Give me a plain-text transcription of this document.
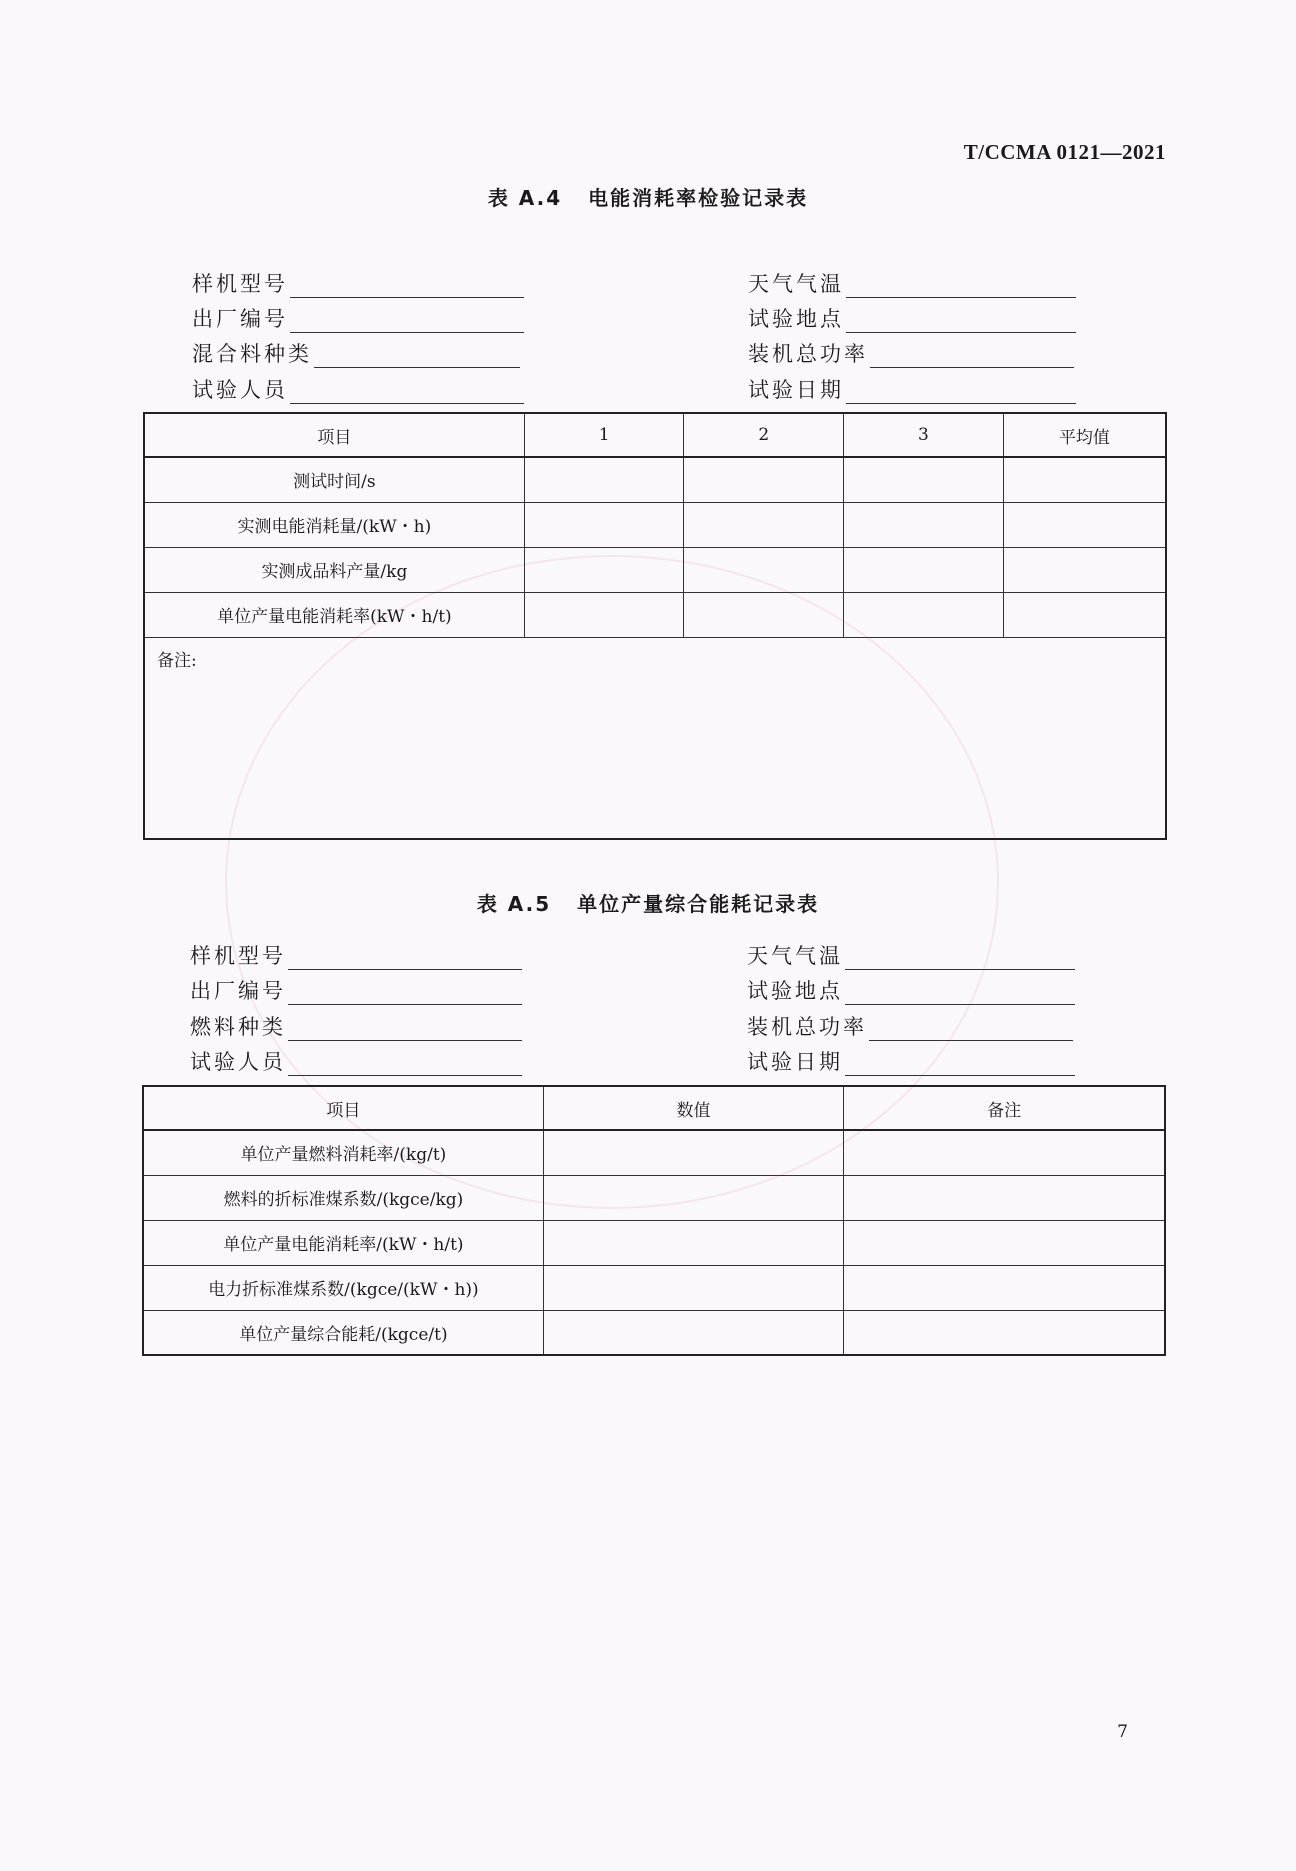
T/CCMA 0121—2021
表 A.4 电能消耗率检验记录表
样机型号
出厂编号
混合料种类
试验人员
天气气温
试验地点
装机总功率
试验日期
项目	1	2	3	平均值
测试时间/s				
实测电能消耗量/(kW・h)				
实测成品料产量/kg				
单位产量电能消耗率(kW・h/t)				
备注:				
表 A.5 单位产量综合能耗记录表
样机型号
出厂编号
燃料种类
试验人员
天气气温
试验地点
装机总功率
试验日期
项目	数值	备注
单位产量燃料消耗率/(kg/t)		
燃料的折标准煤系数/(kgce/kg)		
单位产量电能消耗率/(kW・h/t)		
电力折标准煤系数/(kgce/(kW・h))		
单位产量综合能耗/(kgce/t)		
7
